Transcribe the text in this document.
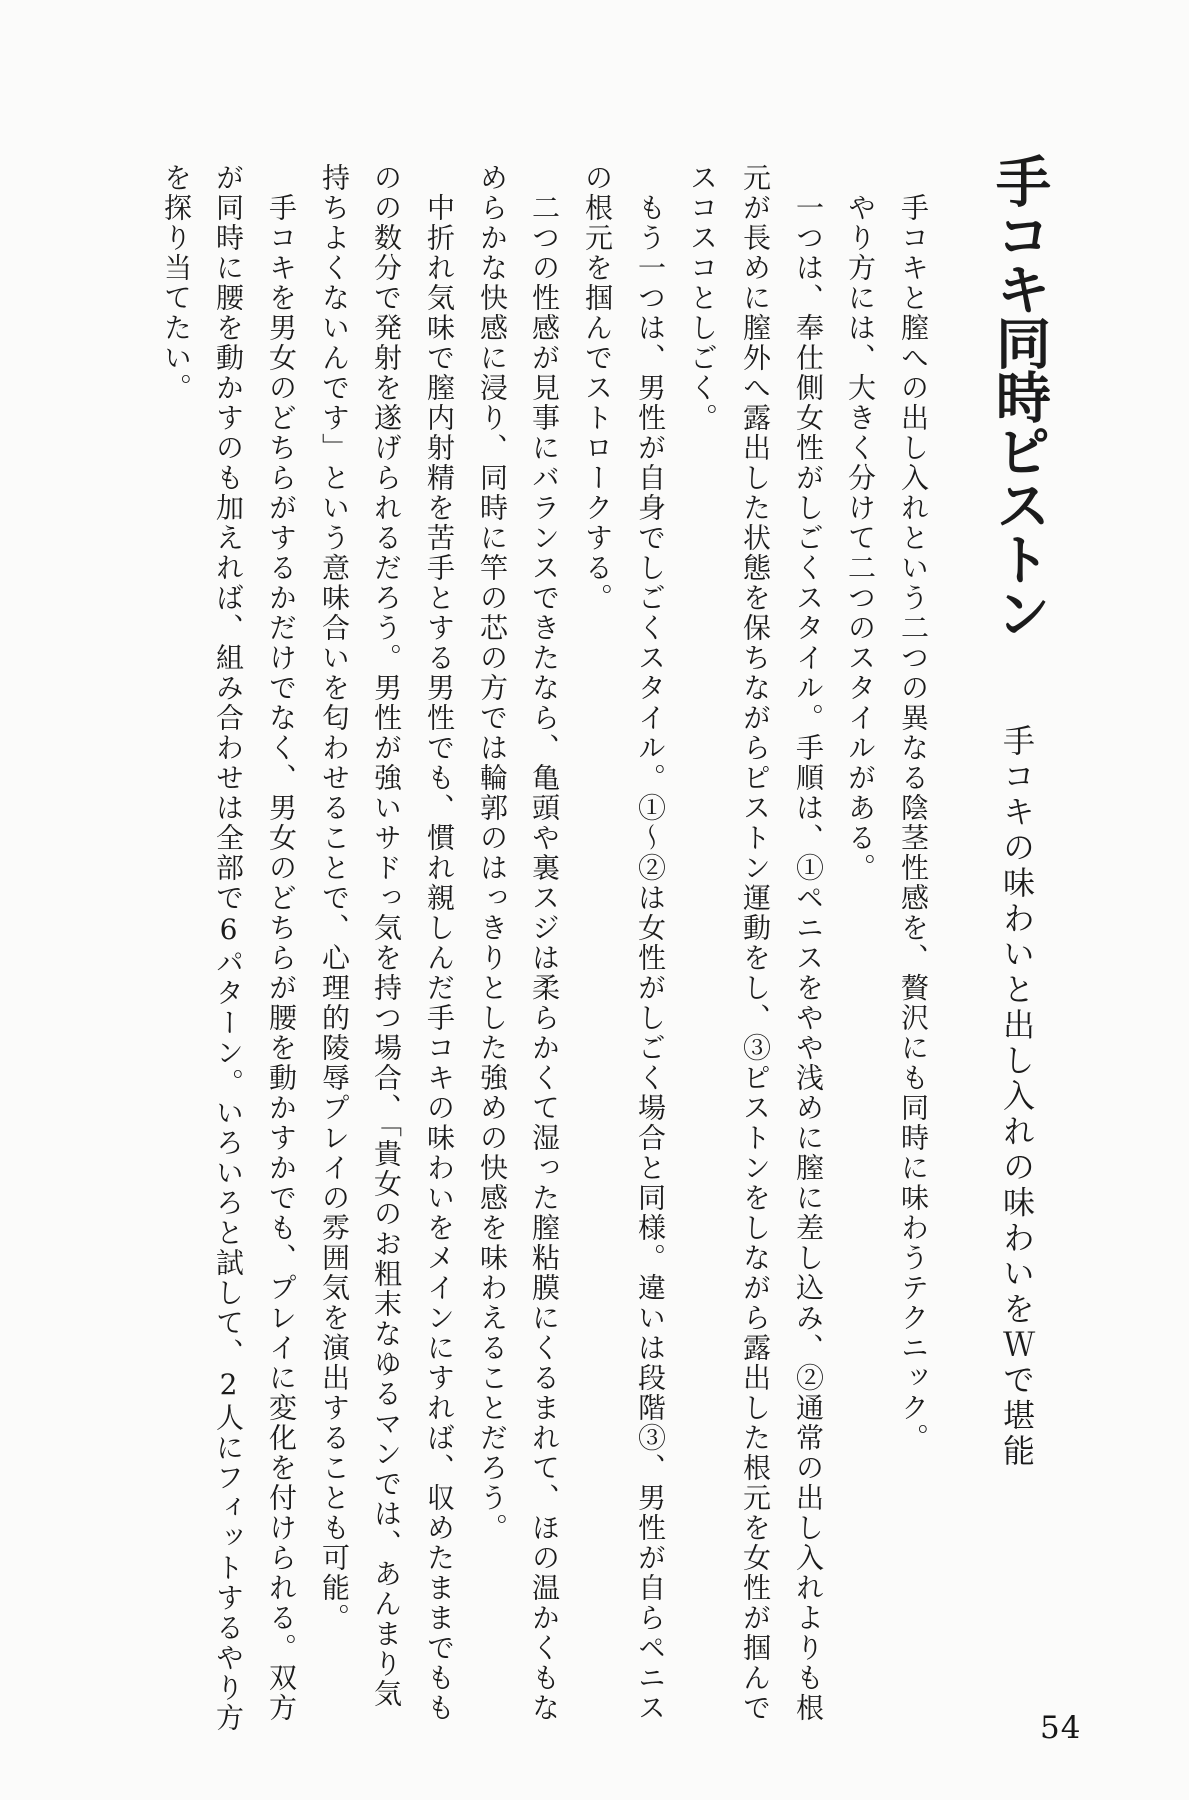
手コキ同時ピストン
手コキの味わいと出し入れの味わいをＷで堪能
手コキと膣への出し入れという二つの異なる陰茎性感を、贅沢にも同時に味わうテクニック。
やり方には、大きく分けて二つのスタイルがある。
一つは、奉仕側女性がしごくスタイル。手順は、①ペニスをやや浅めに膣に差し込み、②通常の出し入れよりも根
元が長めに膣外へ露出した状態を保ちながらピストン運動をし、③ピストンをしながら露出した根元を女性が掴んで
スコスコとしごく。
もう一つは、男性が自身でしごくスタイル。①〜②は女性がしごく場合と同様。違いは段階③、男性が自らペニス
の根元を掴んでストロークする。
二つの性感が見事にバランスできたなら、亀頭や裏スジは柔らかくて湿った膣粘膜にくるまれて、ほの温かくもな
めらかな快感に浸り、同時に竿の芯の方では輪郭のはっきりとした強めの快感を味わえることだろう。
中折れ気味で膣内射精を苦手とする男性でも、慣れ親しんだ手コキの味わいをメインにすれば、収めたままでもも
のの数分で発射を遂げられるだろう。男性が強いサドっ気を持つ場合、「貴女のお粗末なゆるマンでは、あんまり気
持ちよくないんです」という意味合いを匂わせることで、心理的陵辱プレイの雰囲気を演出することも可能。
手コキを男女のどちらがするかだけでなく、男女のどちらが腰を動かすかでも、プレイに変化を付けられる。双方
が同時に腰を動かすのも加えれば、組み合わせは全部で6パターン。いろいろと試して、2人にフィットするやり方
を探り当てたい。
54
